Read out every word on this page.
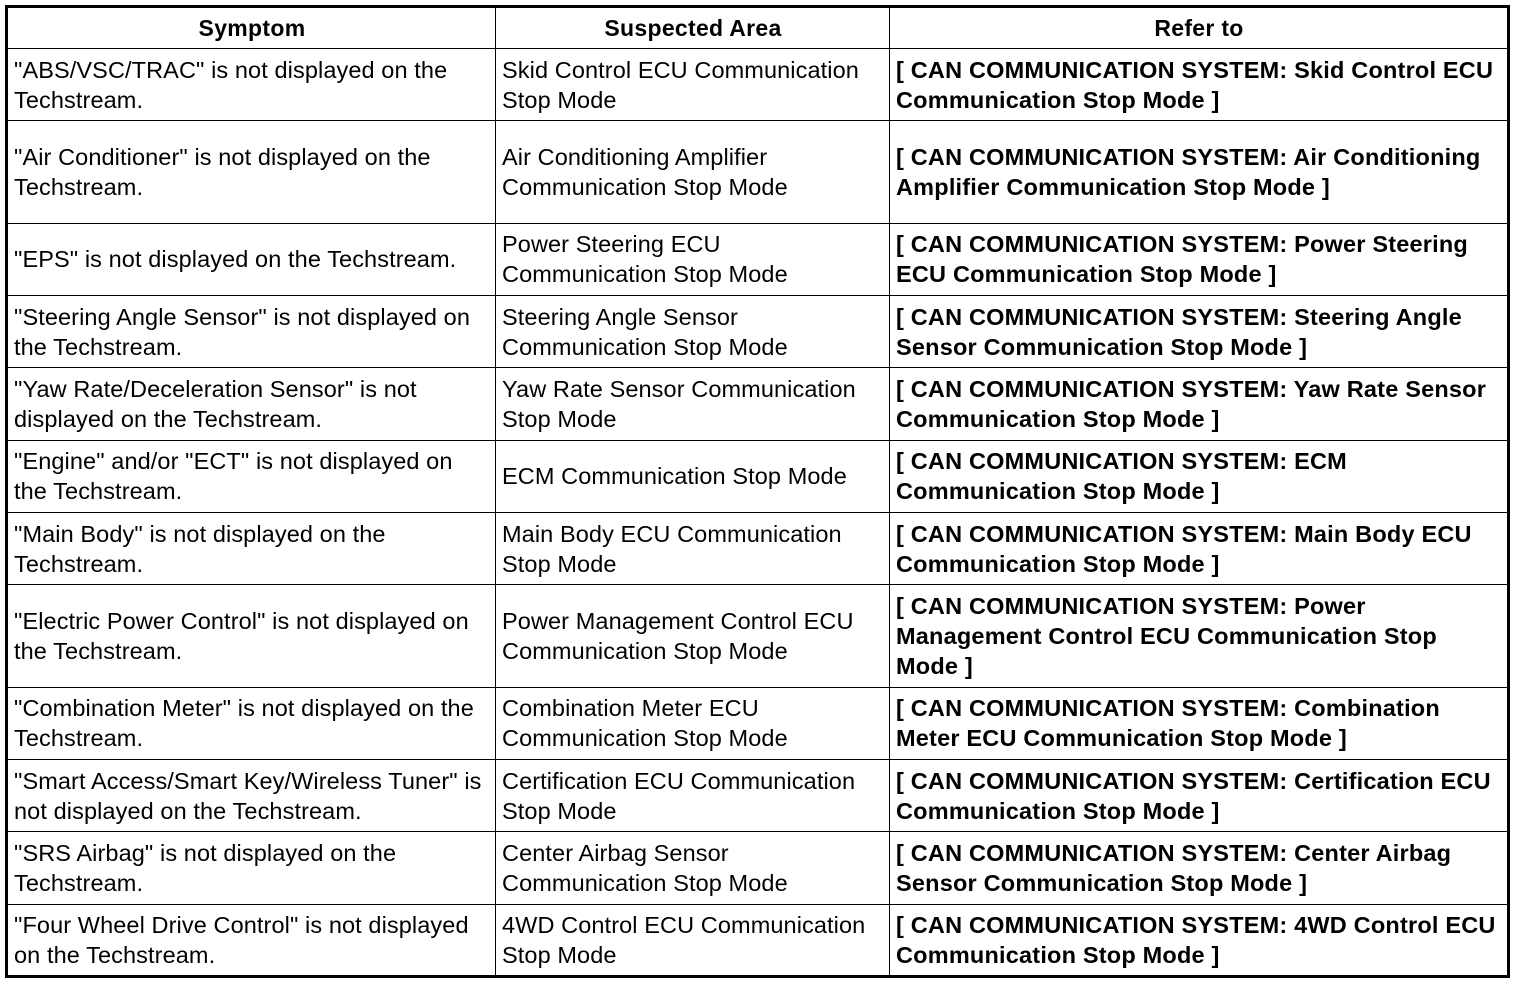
Symptom	Suspected Area	Refer to
"ABS/VSC/TRAC" is not displayed on the Techstream.	Skid Control ECU Communication Stop Mode	[ CAN COMMUNICATION SYSTEM: Skid Control ECU Communication Stop Mode ]
"Air Conditioner" is not displayed on the Techstream.	Air Conditioning Amplifier Communication Stop Mode	[ CAN COMMUNICATION SYSTEM: Air Conditioning Amplifier Communication Stop Mode ]
"EPS" is not displayed on the Techstream.	Power Steering ECU Communication Stop Mode	[ CAN COMMUNICATION SYSTEM: Power Steering ECU Communication Stop Mode ]
"Steering Angle Sensor" is not displayed on the Techstream.	Steering Angle Sensor Communication Stop Mode	[ CAN COMMUNICATION SYSTEM: Steering Angle Sensor Communication Stop Mode ]
"Yaw Rate/Deceleration Sensor" is not displayed on the Techstream.	Yaw Rate Sensor Communication Stop Mode	[ CAN COMMUNICATION SYSTEM: Yaw Rate Sensor Communication Stop Mode ]
"Engine" and/or "ECT" is not displayed on the Techstream.	ECM Communication Stop Mode	[ CAN COMMUNICATION SYSTEM: ECM Communication Stop Mode ]
"Main Body" is not displayed on the Techstream.	Main Body ECU Communication Stop Mode	[ CAN COMMUNICATION SYSTEM: Main Body ECU Communication Stop Mode ]
"Electric Power Control" is not displayed on the Techstream.	Power Management Control ECU Communication Stop Mode	[ CAN COMMUNICATION SYSTEM: Power Management Control ECU Communication Stop Mode ]
"Combination Meter" is not displayed on the Techstream.	Combination Meter ECU Communication Stop Mode	[ CAN COMMUNICATION SYSTEM: Combination Meter ECU Communication Stop Mode ]
"Smart Access/Smart Key/Wireless Tuner" is not displayed on the Techstream.	Certification ECU Communication Stop Mode	[ CAN COMMUNICATION SYSTEM: Certification ECU Communication Stop Mode ]
"SRS Airbag" is not displayed on the Techstream.	Center Airbag Sensor Communication Stop Mode	[ CAN COMMUNICATION SYSTEM: Center Airbag Sensor Communication Stop Mode ]
"Four Wheel Drive Control" is not displayed on the Techstream.	4WD Control ECU Communication Stop Mode	[ CAN COMMUNICATION SYSTEM: 4WD Control ECU Communication Stop Mode ]
